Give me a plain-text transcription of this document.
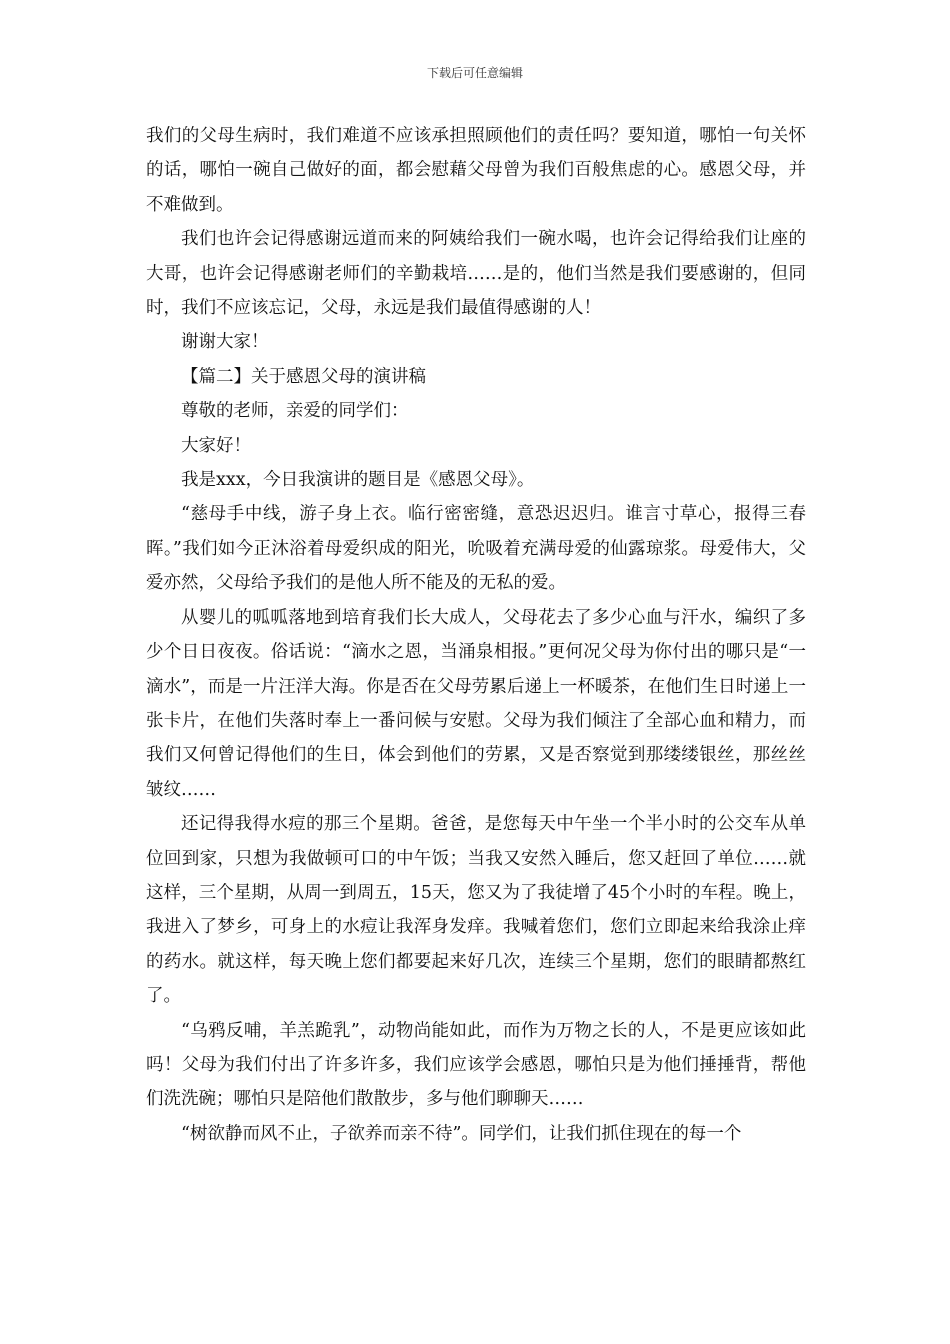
下载后可任意编辑

我们的父母生病时，我们难道不应该承担照顾他们的责任吗？要知道，哪怕一句关怀的话，哪怕一碗自己做好的面，都会慰藉父母曾为我们百般焦虑的心。感恩父母，并不难做到。

我们也许会记得感谢远道而来的阿姨给我们一碗水喝，也许会记得给我们让座的大哥，也许会记得感谢老师们的辛勤栽培……是的，他们当然是我们要感谢的，但同时，我们不应该忘记，父母，永远是我们最值得感谢的人！

谢谢大家！

【篇二】关于感恩父母的演讲稿

尊敬的老师，亲爱的同学们：

大家好！

我是xxx，今日我演讲的题目是《感恩父母》。

“慈母手中线，游子身上衣。临行密密缝，意恐迟迟归。谁言寸草心，报得三春晖。”我们如今正沐浴着母爱织成的阳光，吮吸着充满母爱的仙露琼浆。母爱伟大，父爱亦然，父母给予我们的是他人所不能及的无私的爱。

从婴儿的呱呱落地到培育我们长大成人，父母花去了多少心血与汗水，编织了多少个日日夜夜。俗话说：“滴水之恩，当涌泉相报。”更何况父母为你付出的哪只是“一滴水”，而是一片汪洋大海。你是否在父母劳累后递上一杯暖茶，在他们生日时递上一张卡片，在他们失落时奉上一番问候与安慰。父母为我们倾注了全部心血和精力，而我们又何曾记得他们的生日，体会到他们的劳累，又是否察觉到那缕缕银丝，那丝丝皱纹……

还记得我得水痘的那三个星期。爸爸，是您每天中午坐一个半小时的公交车从单位回到家，只想为我做顿可口的中午饭；当我又安然入睡后，您又赶回了单位……就这样，三个星期，从周一到周五，15天，您又为了我徒增了45个小时的车程。晚上，我进入了梦乡，可身上的水痘让我浑身发痒。我喊着您们，您们立即起来给我涂止痒的药水。就这样，每天晚上您们都要起来好几次，连续三个星期，您们的眼睛都熬红了。

“乌鸦反哺，羊羔跪乳”，动物尚能如此，而作为万物之长的人，不是更应该如此吗！父母为我们付出了许多许多，我们应该学会感恩，哪怕只是为他们捶捶背，帮他们洗洗碗；哪怕只是陪他们散散步，多与他们聊聊天……

“树欲静而风不止，子欲养而亲不待”。同学们，让我们抓住现在的每一个
